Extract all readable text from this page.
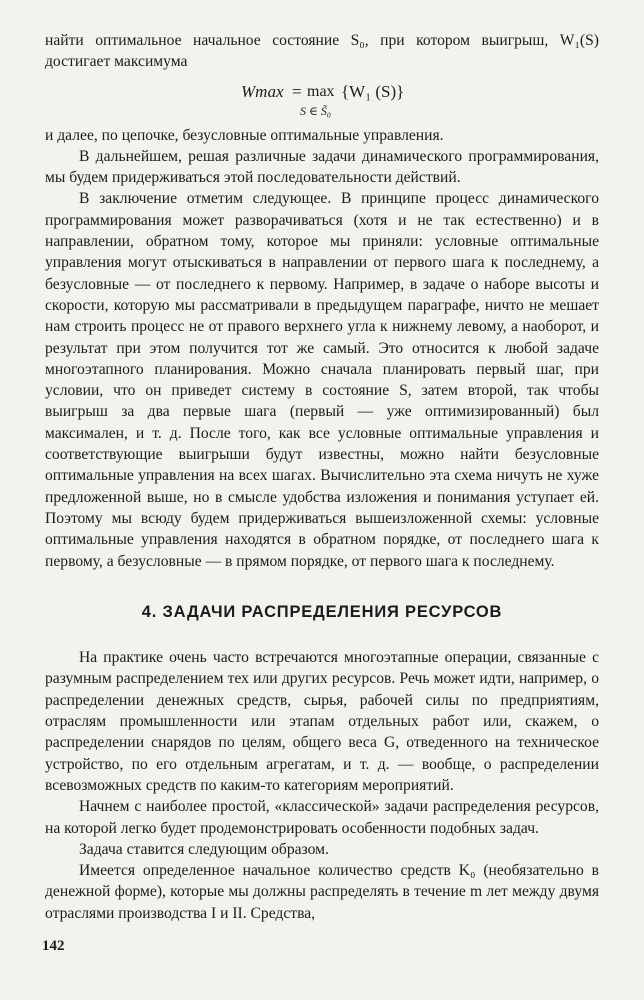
найти оптимальное начальное состояние S₀, при котором выигрыш, W₁(S) достигает максимума

Wmax = max
S ∈ S̃₀
{W₁ (S)}

и далее, по цепочке, безусловные оптимальные управления.

В дальнейшем, решая различные задачи динамического программирования, мы будем придерживаться этой последовательности действий.

В заключение отметим следующее. В принципе процесс динамического программирования может разворачиваться (хотя и не так естественно) и в направлении, обратном тому, которое мы приняли: условные оптимальные управления могут отыскиваться в направлении от первого шага к последнему, а безусловные — от последнего к первому. Например, в задаче о наборе высоты и скорости, которую мы рассматривали в предыдущем параграфе, ничто не мешает нам строить процесс не от правого верхнего угла к нижнему левому, а наоборот, и результат при этом получится тот же самый. Это относится к любой задаче многоэтапного планирования. Можно сначала планировать первый шаг, при условии, что он приведет систему в состояние S, затем второй, так чтобы выигрыш за два первые шага (первый — уже оптимизированный) был максимален, и т. д. После того, как все условные оптимальные управления и соответствующие выигрыши будут известны, можно найти безусловные оптимальные управления на всех шагах. Вычислительно эта схема ничуть не хуже предложенной выше, но в смысле удобства изложения и понимания уступает ей. Поэтому мы всюду будем придерживаться вышеизложенной схемы: условные оптимальные управления находятся в обратном порядке, от последнего шага к первому, а безусловные — в прямом порядке, от первого шага к последнему.

4. ЗАДАЧИ РАСПРЕДЕЛЕНИЯ РЕСУРСОВ

На практике очень часто встречаются многоэтапные операции, связанные с разумным распределением тех или других ресурсов. Речь может идти, например, о распределении денежных средств, сырья, рабочей силы по предприятиям, отраслям промышленности или этапам отдельных работ или, скажем, о распределении снарядов по целям, общего веса G, отведенного на техническое устройство, по его отдельным агрегатам, и т. д. — вообще, о распределении всевозможных средств по каким-то категориям мероприятий.

Начнем с наиболее простой, «классической» задачи распределения ресурсов, на которой легко будет продемонстрировать особенности подобных задач.

Задача ставится следующим образом.

Имеется определенное начальное количество средств K₀ (необязательно в денежной форме), которые мы должны распределять в течение m лет между двумя отраслями производства I и II. Средства,

142
